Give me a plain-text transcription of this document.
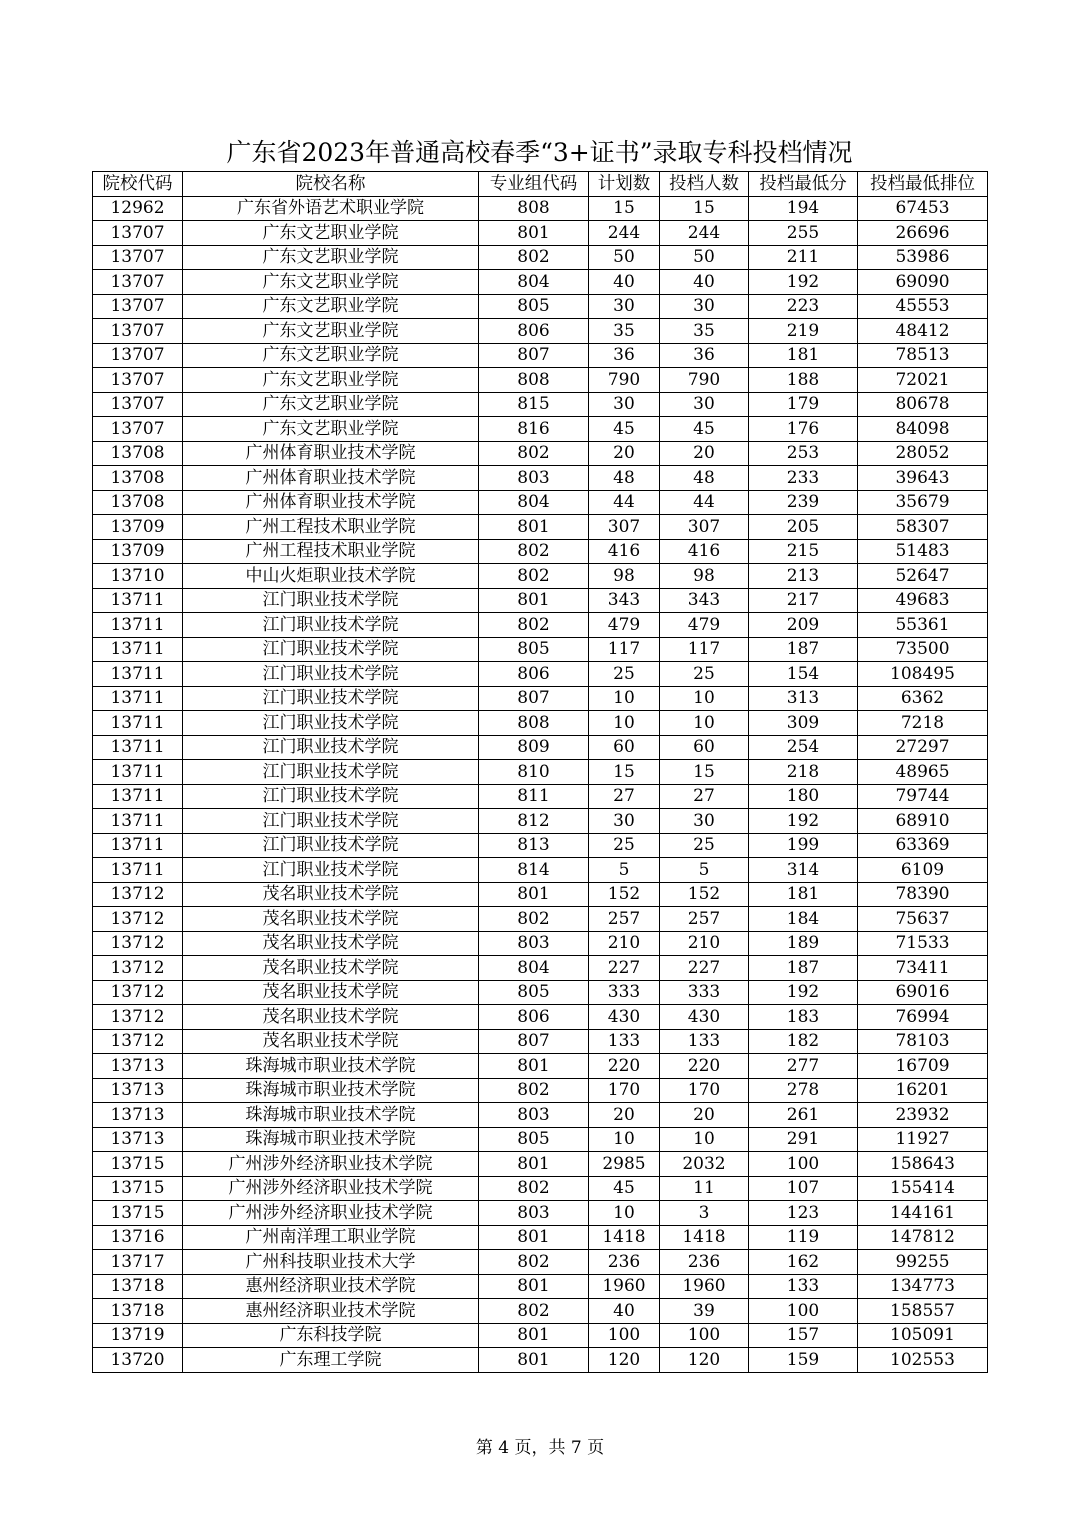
广东省2023年普通高校春季“3+证书”录取专科投档情况
院校代码	院校名称	专业组代码	计划数	投档人数	投档最低分	投档最低排位
12962	广东省外语艺术职业学院	808	15	15	194	67453
13707	广东文艺职业学院	801	244	244	255	26696
13707	广东文艺职业学院	802	50	50	211	53986
13707	广东文艺职业学院	804	40	40	192	69090
13707	广东文艺职业学院	805	30	30	223	45553
13707	广东文艺职业学院	806	35	35	219	48412
13707	广东文艺职业学院	807	36	36	181	78513
13707	广东文艺职业学院	808	790	790	188	72021
13707	广东文艺职业学院	815	30	30	179	80678
13707	广东文艺职业学院	816	45	45	176	84098
13708	广州体育职业技术学院	802	20	20	253	28052
13708	广州体育职业技术学院	803	48	48	233	39643
13708	广州体育职业技术学院	804	44	44	239	35679
13709	广州工程技术职业学院	801	307	307	205	58307
13709	广州工程技术职业学院	802	416	416	215	51483
13710	中山火炬职业技术学院	802	98	98	213	52647
13711	江门职业技术学院	801	343	343	217	49683
13711	江门职业技术学院	802	479	479	209	55361
13711	江门职业技术学院	805	117	117	187	73500
13711	江门职业技术学院	806	25	25	154	108495
13711	江门职业技术学院	807	10	10	313	6362
13711	江门职业技术学院	808	10	10	309	7218
13711	江门职业技术学院	809	60	60	254	27297
13711	江门职业技术学院	810	15	15	218	48965
13711	江门职业技术学院	811	27	27	180	79744
13711	江门职业技术学院	812	30	30	192	68910
13711	江门职业技术学院	813	25	25	199	63369
13711	江门职业技术学院	814	5	5	314	6109
13712	茂名职业技术学院	801	152	152	181	78390
13712	茂名职业技术学院	802	257	257	184	75637
13712	茂名职业技术学院	803	210	210	189	71533
13712	茂名职业技术学院	804	227	227	187	73411
13712	茂名职业技术学院	805	333	333	192	69016
13712	茂名职业技术学院	806	430	430	183	76994
13712	茂名职业技术学院	807	133	133	182	78103
13713	珠海城市职业技术学院	801	220	220	277	16709
13713	珠海城市职业技术学院	802	170	170	278	16201
13713	珠海城市职业技术学院	803	20	20	261	23932
13713	珠海城市职业技术学院	805	10	10	291	11927
13715	广州涉外经济职业技术学院	801	2985	2032	100	158643
13715	广州涉外经济职业技术学院	802	45	11	107	155414
13715	广州涉外经济职业技术学院	803	10	3	123	144161
13716	广州南洋理工职业学院	801	1418	1418	119	147812
13717	广州科技职业技术大学	802	236	236	162	99255
13718	惠州经济职业技术学院	801	1960	1960	133	134773
13718	惠州经济职业技术学院	802	40	39	100	158557
13719	广东科技学院	801	100	100	157	105091
13720	广东理工学院	801	120	120	159	102553
第 4 页，共 7 页
